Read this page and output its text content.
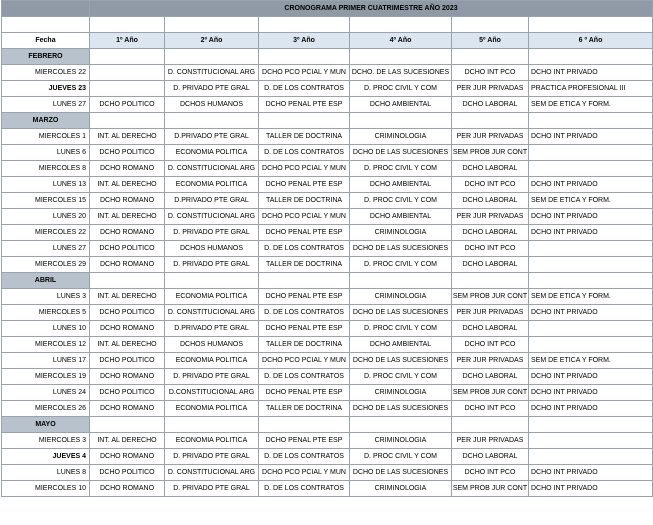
	CRONOGRAMA PRIMER CUATRIMESTRE AÑO 2023					

Fecha	1º Año	2º Año	3º Año	4º Año	5º Año	6 º Año
FEBRERO						
MIERCOLES 22		D. CONSTITUCIONAL ARG	DCHO PCO PCIAL Y MUN	DCHO. DE LAS SUCESIONES	DCHO INT PCO	DCHO INT PRIVADO
JUEVES 23		D. PRIVADO PTE GRAL	D. DE LOS CONTRATOS	D. PROC CIVIL Y COM	PER JUR PRIVADAS	PRACTICA PROFESIONAL III
LUNES 27	DCHO POLITICO	DCHOS HUMANOS	DCHO PENAL PTE ESP	DCHO AMBIENTAL	DCHO LABORAL	SEM DE ETICA Y FORM.
MARZO						
MIERCOLES 1	INT. AL DERECHO	D.PRIVADO PTE GRAL	TALLER DE DOCTRINA	CRIMINOLOGIA	PER JUR PRIVADAS	DCHO INT PRIVADO
LUNES 6	DCHO POLITICO	ECONOMIA POLITICA	D. DE LOS CONTRATOS	DCHO DE LAS SUCESIONES	SEM PROB JUR CONT	
MIERCOLES 8	DCHO ROMANO	D. CONSTITUCIONAL ARG	DCHO PCO PCIAL Y MUN	D. PROC CIVIL Y COM	DCHO LABORAL	
LUNES 13	INT. AL DERECHO	ECONOMIA POLITICA	DCHO PENAL PTE ESP	DCHO AMBIENTAL	DCHO INT PCO	DCHO INT PRIVADO
MIERCOLES 15	DCHO ROMANO	D.PRIVADO PTE GRAL	TALLER DE DOCTRINA	D. PROC CIVIL Y COM	DCHO LABORAL	SEM DE ETICA Y FORM.
LUNES 20	INT. AL DERECHO	D. CONSTITUCIONAL ARG	DCHO PCO PCIAL Y MUN	DCHO AMBIENTAL	PER JUR PRIVADAS	DCHO INT PRIVADO
MIERCOLES 22	DCHO ROMANO	D. PRIVADO PTE GRAL	DCHO PENAL PTE ESP	CRIMINOLOGIA	DCHO LABORAL	DCHO INT PRIVADO
LUNES 27	DCHO POLITICO	DCHOS HUMANOS	D. DE LOS CONTRATOS	DCHO DE LAS SUCESIONES	DCHO INT PCO	
MIERCOLES 29	DCHO ROMANO	D. PRIVADO PTE GRAL	TALLER DE DOCTRINA	D. PROC CIVIL Y COM	DCHO LABORAL	
ABRIL						
LUNES 3	INT. AL DERECHO	ECONOMIA POLITICA	DCHO PENAL PTE ESP	CRIMINOLOGIA	SEM PROB JUR CONT	SEM DE ETICA Y FORM.
MIERCOLES 5	DCHO POLITICO	D. CONSTITUCIONAL ARG	D. DE LOS CONTRATOS	DCHO DE LAS SUCESIONES	PER JUR PRIVADAS	DCHO INT PRIVADO
LUNES 10	DCHO ROMANO	D.PRIVADO PTE GRAL	DCHO PENAL PTE ESP	D. PROC CIVIL Y COM	DCHO LABORAL	
MIERCOLES 12	INT. AL DERECHO	DCHOS HUMANOS	TALLER DE DOCTRINA	DCHO AMBIENTAL	DCHO INT PCO	
LUNES 17	DCHO POLITICO	ECONOMIA POLITICA	DCHO PCO PCIAL Y MUN	DCHO DE LAS SUCESIONES	PER JUR PRIVADAS	SEM DE ETICA Y FORM.
MIERCOLES 19	DCHO ROMANO	D. PRIVADO PTE GRAL	D. DE LOS CONTRATOS	D. PROC CIVIL Y COM	DCHO LABORAL	DCHO INT PRIVADO
LUNES 24	DCHO POLITICO	D.CONSTITUCIONAL ARG	DCHO PENAL PTE ESP	CRIMINOLOGIA	SEM PROB JUR CONT	DCHO INT PRIVADO
MIERCOLES 26	DCHO ROMANO	ECONOMIA POLITICA	TALLER DE DOCTRINA	DCHO DE LAS SUCESIONES	DCHO INT PCO	DCHO INT PRIVADO
MAYO						
MIERCOLES 3	INT. AL DERECHO	ECONOMIA POLITICA	DCHO PENAL PTE ESP	CRIMINOLOGIA	PER JUR PRIVADAS	
JUEVES 4	DCHO ROMANO	D. PRIVADO PTE GRAL	D. DE LOS CONTRATOS	D. PROC CIVIL Y COM	DCHO LABORAL	
LUNES 8	DCHO POLITICO	D. CONSTITUCIONAL ARG	DCHO PCO PCIAL Y MUN	DCHO DE LAS SUCESIONES	DCHO INT PCO	DCHO INT PRIVADO
MIERCOLES 10	DCHO ROMANO	D. PRIVADO PTE GRAL	D. DE LOS CONTRATOS	CRIMINOLOGIA	SEM PROB JUR CONT	DCHO INT PRIVADO
